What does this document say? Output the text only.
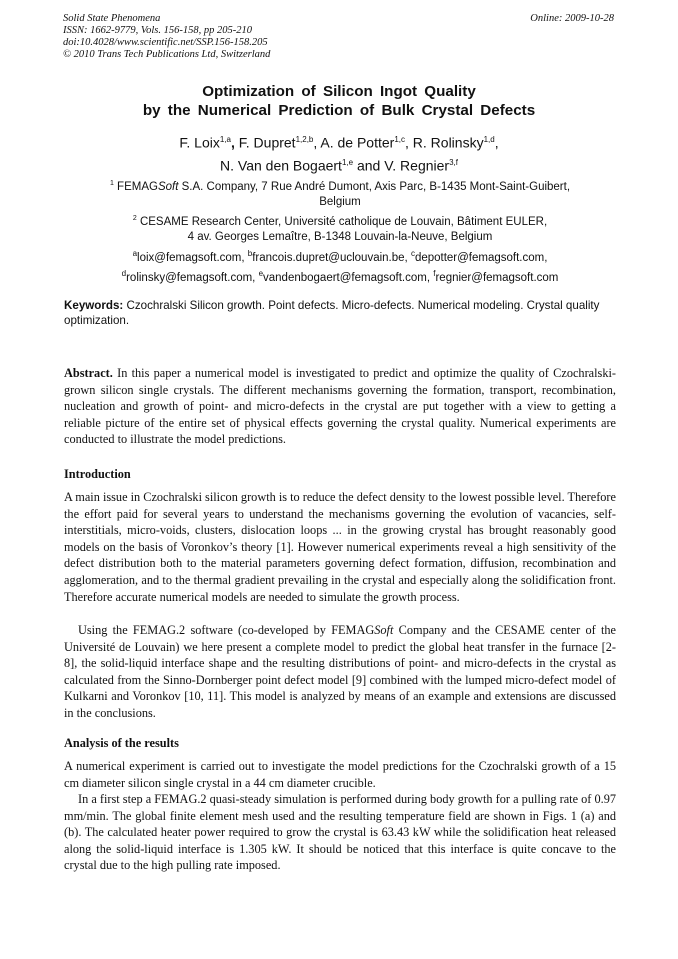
Solid State Phenomena
ISSN: 1662-9779, Vols. 156-158, pp 205-210
doi:10.4028/www.scientific.net/SSP.156-158.205
© 2010 Trans Tech Publications Ltd, Switzerland
Online: 2009-10-28
Optimization of Silicon Ingot Quality
by the Numerical Prediction of Bulk Crystal Defects
F. Loix$^{1,a}$, F. Dupret$^{1,2,b}$, A. de Potter$^{1,c}$, R. Rolinsky$^{1,d}$,
N. Van den Bogaert$^{1,e}$ and V. Regnier$^{3,f}$
$^1$ FEMAGSoft S.A. Company, 7 Rue André Dumont, Axis Parc, B-1435 Mont-Saint-Guibert,
Belgium
$^2$ CESAME Research Center, Université catholique de Louvain, Bâtiment EULER,
4 av. Georges Lemaître, B-1348 Louvain-la-Neuve, Belgium
$^a$loix@femagsoft.com, $^b$francois.dupret@uclouvain.be, $^c$depotter@femagsoft.com,
$^d$rolinsky@femagsoft.com, $^e$vandenbogaert@femagsoft.com, $^f$regnier@femagsoft.com
Keywords: Czochralski Silicon growth. Point defects. Micro-defects. Numerical modeling. Crystal quality optimization.
Abstract. In this paper a numerical model is investigated to predict and optimize the quality of Czochralski-grown silicon single crystals. The different mechanisms governing the formation, transport, recombination, nucleation and growth of point- and micro-defects in the crystal are put together with a view to getting a reliable picture of the entire set of physical effects governing the crystal quality. Numerical experiments are conducted to illustrate the model predictions.
Introduction
A main issue in Czochralski silicon growth is to reduce the defect density to the lowest possible level. Therefore the effort paid for several years to understand the mechanisms governing the evolution of vacancies, self-interstitials, micro-voids, clusters, dislocation loops ... in the growing crystal has brought reasonably good models on the basis of Voronkov’s theory [1]. However numerical experiments reveal a high sensitivity of the defect distribution both to the material parameters governing defect formation, diffusion, recombination and agglomeration, and to the thermal gradient prevailing in the crystal and especially along the solidification front. Therefore accurate numerical models are needed to simulate the growth process.
Using the FEMAG.2 software (co-developed by FEMAGSoft Company and the CESAME center of the Université de Louvain) we here present a complete model to predict the global heat transfer in the furnace [2-8], the solid-liquid interface shape and the resulting distributions of point- and micro-defects in the crystal as calculated from the Sinno-Dornberger point defect model [9] combined with the lumped micro-defect model of Kulkarni and Voronkov [10, 11]. This model is analyzed by means of an example and extensions are discussed in the conclusions.
Analysis of the results
A numerical experiment is carried out to investigate the model predictions for the Czochralski growth of a 15 cm diameter silicon single crystal in a 44 cm diameter crucible.
In a first step a FEMAG.2 quasi-steady simulation is performed during body growth for a pulling rate of 0.97 mm/min. The global finite element mesh used and the resulting temperature field are shown in Figs. 1 (a) and (b). The calculated heater power required to grow the crystal is 63.43 kW while the solidification heat released along the solid-liquid interface is 1.305 kW. It should be noticed that this interface is quite concave to the crystal due to the high pulling rate imposed.
